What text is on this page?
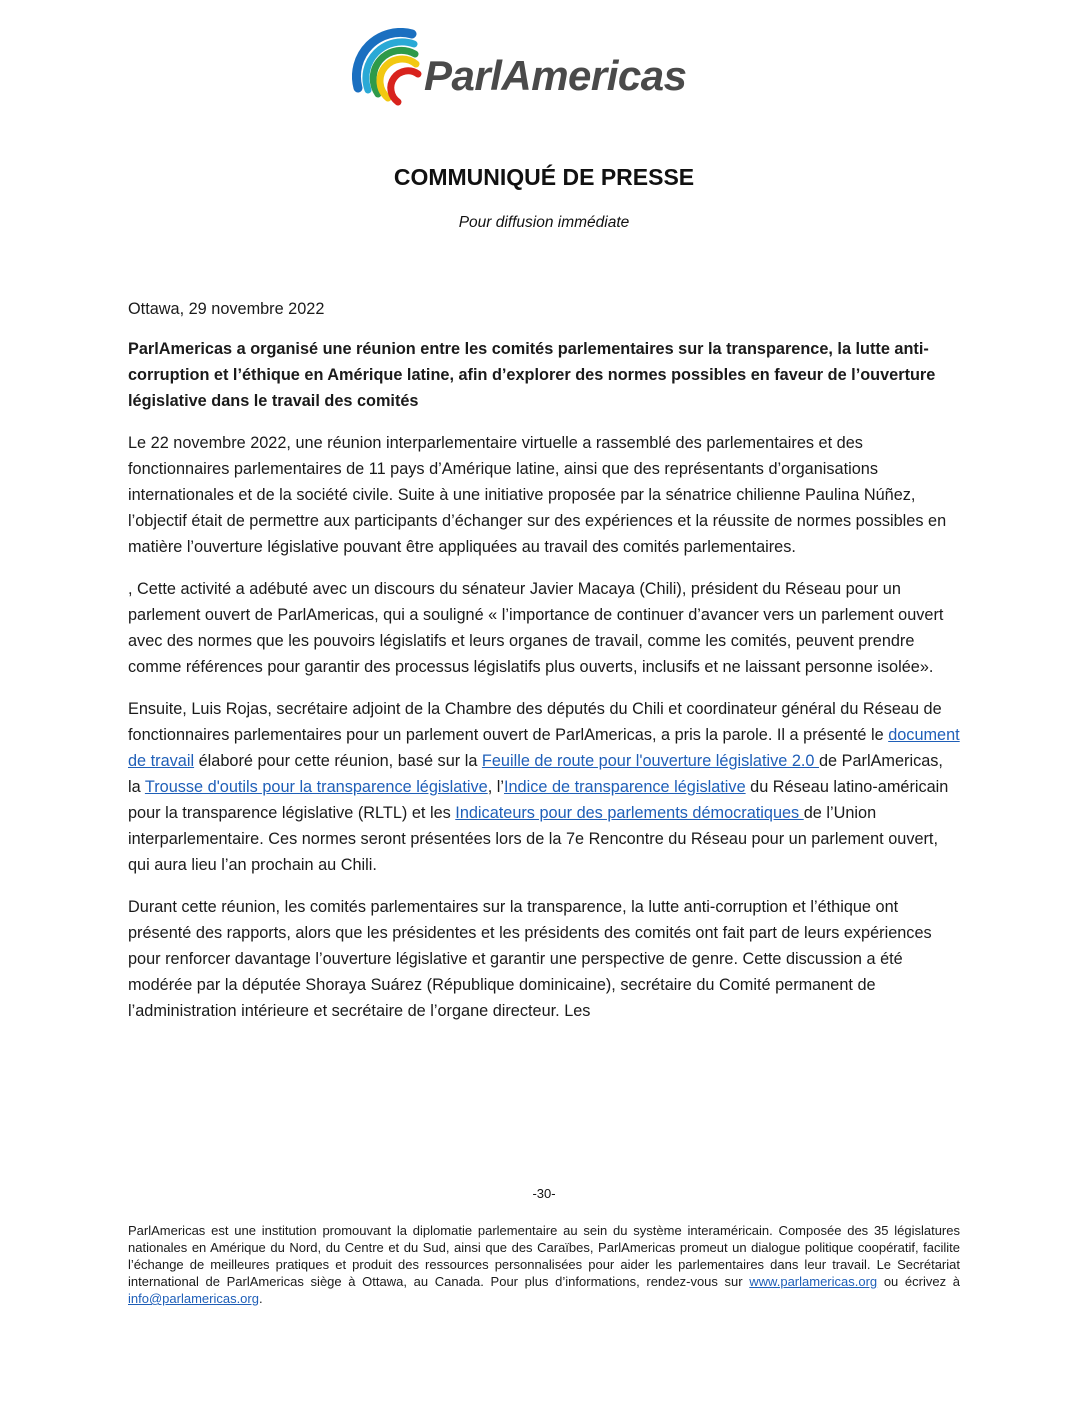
ParlAmericas
COMMUNIQUÉ DE PRESSE
Pour diffusion immédiate

Ottawa, 29 novembre 2022

ParlAmericas a organisé une réunion entre les comités parlementaires sur la transparence, la lutte anti-corruption et l’éthique en Amérique latine, afin d’explorer des normes possibles en faveur de l’ouverture législative dans le travail des comités

Le 22 novembre 2022, une réunion interparlementaire virtuelle a rassemblé des parlementaires et des fonctionnaires parlementaires de 11 pays d’Amérique latine, ainsi que des représentants d’organisations internationales et de la société civile. Suite à une initiative proposée par la sénatrice chilienne Paulina Núñez, l’objectif était de permettre aux participants d’échanger sur des expériences et la réussite de normes possibles en matière l’ouverture législative pouvant être appliquées au travail des comités parlementaires.

, Cette activité a adébuté avec un discours du sénateur Javier Macaya (Chili), président du Réseau pour un parlement ouvert de ParlAmericas, qui a souligné « l’importance de continuer d’avancer vers un parlement ouvert avec des normes que les pouvoirs législatifs et leurs organes de travail, comme les comités, peuvent prendre comme références pour garantir des processus législatifs plus ouverts, inclusifs et ne laissant personne isolée».

Ensuite, Luis Rojas, secrétaire adjoint de la Chambre des députés du Chili et coordinateur général du Réseau de fonctionnaires parlementaires pour un parlement ouvert de ParlAmericas, a pris la parole. Il a présenté le document de travail élaboré pour cette réunion, basé sur la Feuille de route pour l'ouverture législative 2.0 de ParlAmericas, la Trousse d'outils pour la transparence législative, l’Indice de transparence législative du Réseau latino-américain pour la transparence législative (RLTL) et les Indicateurs pour des parlements démocratiques de l’Union interparlementaire. Ces normes seront présentées lors de la 7e Rencontre du Réseau pour un parlement ouvert, qui aura lieu l’an prochain au Chili.

Durant cette réunion, les comités parlementaires sur la transparence, la lutte anti-corruption et l’éthique ont présenté des rapports, alors que les présidentes et les présidents des comités ont fait part de leurs expériences pour renforcer davantage l’ouverture législative et garantir une perspective de genre. Cette discussion a été modérée par la députée Shoraya Suárez (République dominicaine), secrétaire du Comité permanent de l’administration intérieure et secrétaire de l’organe directeur. Les

-30-
ParlAmericas est une institution promouvant la diplomatie parlementaire au sein du système interaméricain. Composée des 35 législatures nationales en Amérique du Nord, du Centre et du Sud, ainsi que des Caraïbes, ParlAmericas promeut un dialogue politique coopératif, facilite l’échange de meilleures pratiques et produit des ressources personnalisées pour aider les parlementaires dans leur travail. Le Secrétariat international de ParlAmericas siège à Ottawa, au Canada. Pour plus d’informations, rendez-vous sur www.parlamericas.org ou écrivez à info@parlamericas.org.
